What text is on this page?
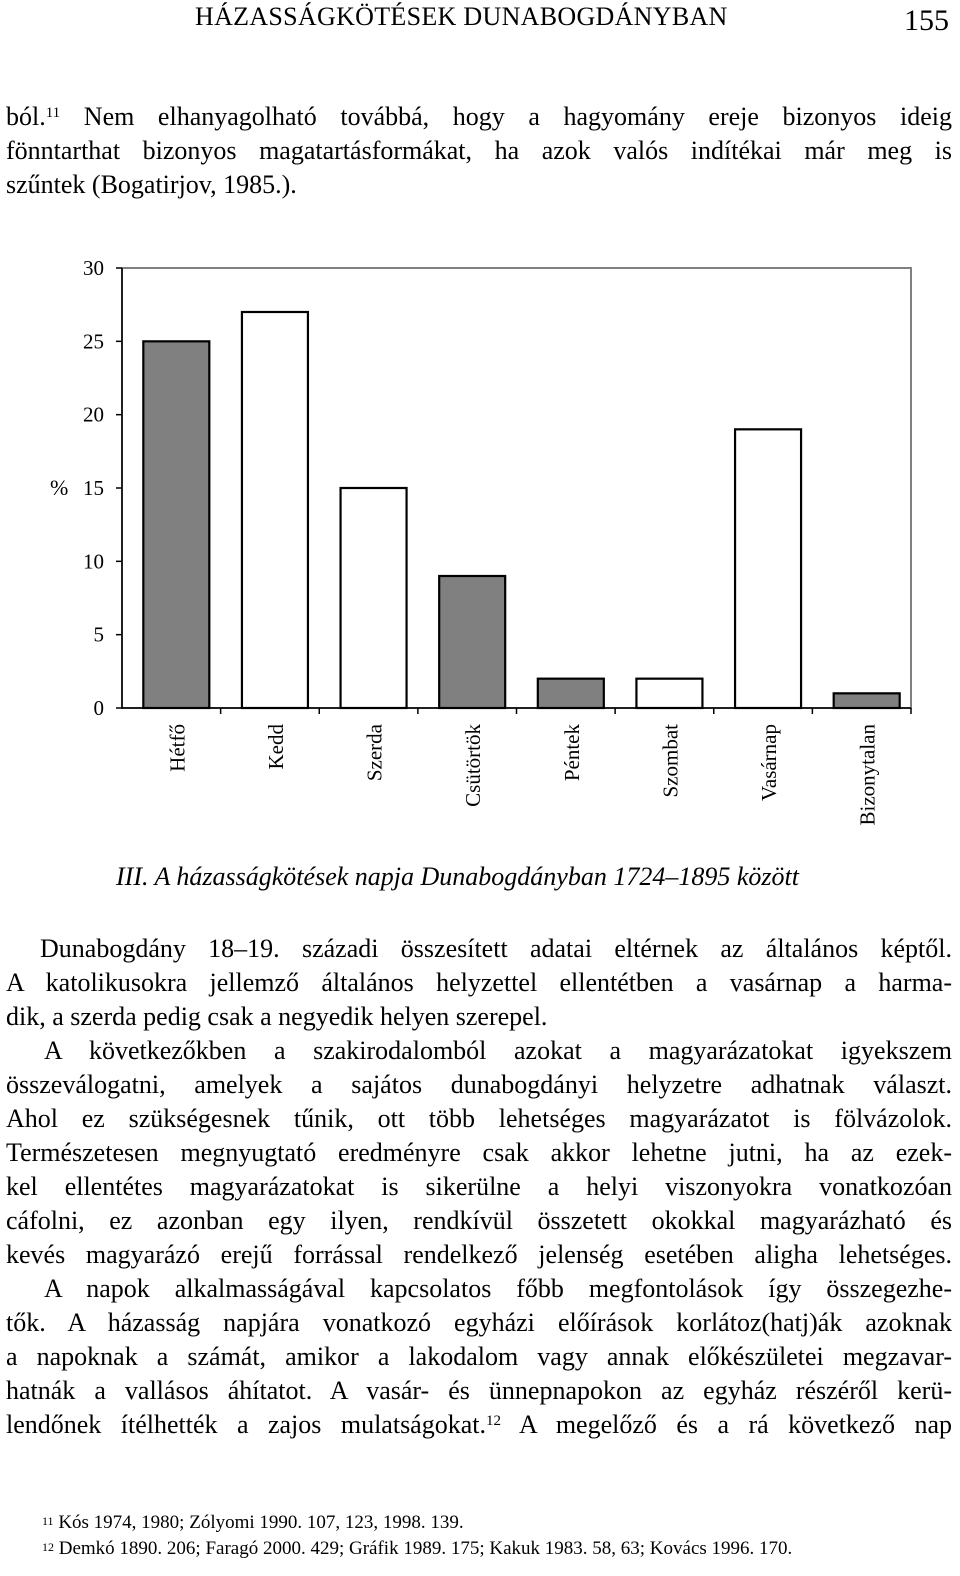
HÁZASSÁGKÖTÉSEK DUNABOGDÁNYBAN	155
ból.$^{11}$ Nem elhanyagolható továbbá, hogy a hagyomány ereje bizonyos ideig
fönntarthat bizonyos magatartásformákat, ha azok valós indítékai már meg is
szűntek (Bogatirjov, 1985.).
0
5
10
15
20
25
30
%
Hétfő	Kedd	Szerda	Csütörtök	Péntek	Szombat	Vasárnap	Bizonytalan
III. A házasságkötések napja Dunabogdányban 1724–1895 között
Dunabogdány 18–19. századi összesített adatai eltérnek az általános képtől.
A katolikusokra jellemző általános helyzettel ellentétben a vasárnap a harma-
dik, a szerda pedig csak a negyedik helyen szerepel.
A következőkben a szakirodalomból azokat a magyarázatokat igyekszem
összeválogatni, amelyek a sajátos dunabogdányi helyzetre adhatnak választ.
Ahol ez szükségesnek tűnik, ott több lehetséges magyarázatot is fölvázolok.
Természetesen megnyugtató eredményre csak akkor lehetne jutni, ha az ezek-
kel ellentétes magyarázatokat is sikerülne a helyi viszonyokra vonatkozóan
cáfolni, ez azonban egy ilyen, rendkívül összetett okokkal magyarázható és
kevés magyarázó erejű forrással rendelkező jelenség esetében aligha lehetséges.
A napok alkalmasságával kapcsolatos főbb megfontolások így összegezhe-
tők. A házasság napjára vonatkozó egyházi előírások korlátoz(hatj)ák azoknak
a napoknak a számát, amikor a lakodalom vagy annak előkészületei megzavar-
hatnák a vallásos áhítatot. A vasár- és ünnepnapokon az egyház részéről kerü-
lendőnek ítélhették a zajos mulatságokat.$^{12}$ A megelőző és a rá következő nap
$^{11}$ Kós 1974, 1980; Zólyomi 1990. 107, 123, 1998. 139.
$^{12}$ Demkó 1890. 206; Faragó 2000. 429; Gráfik 1989. 175; Kakuk 1983. 58, 63; Kovács 1996. 170.
